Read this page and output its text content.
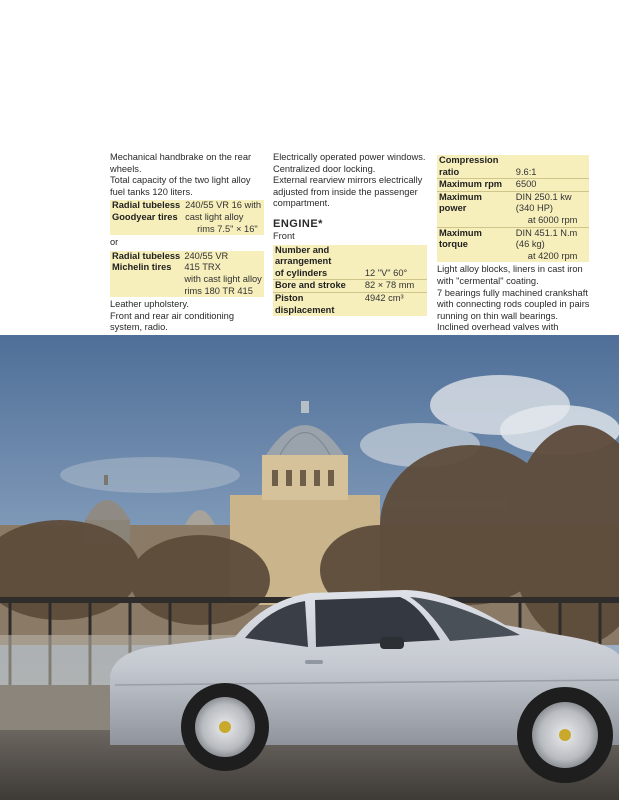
Mechanical handbrake on the rear wheels.
Total capacity of the two light alloy fuel tanks 120 liters.
Radial tubeless	240/55 VR 16 with
Goodyear tires	cast light alloy
	rims 7.5" × 16"
or
Radial tubeless	240/55 VR
Michelin tires	415 TRX
	with cast light alloy
	rims 180 TR 415
Leather upholstery.
Front and rear air conditioning system, radio.
Electrically operated power windows.
Centralized door locking.
External rearview mirrors electrically adjusted from inside the passenger compartment.
ENGINE*
Front
Number and	
arrangement	
of cylinders	12 "V" 60°
Bore and stroke	82 × 78 mm
Piston	4942 cm³
displacement	
Compression	
ratio	9.6:1
Maximum rpm	6500
Maximum	DIN 250.1 kw
power	(340 HP)
	at 6000 rpm
Maximum	DIN 451.1 N.m
torque	(46 kg)
	at 4200 rpm
Light alloy blocks, liners in cast iron with "cermental" coating.
7 bearings fully machined crankshaft with connecting rods coupled in pairs running on thin wall bearings.
Inclined overhead valves with
